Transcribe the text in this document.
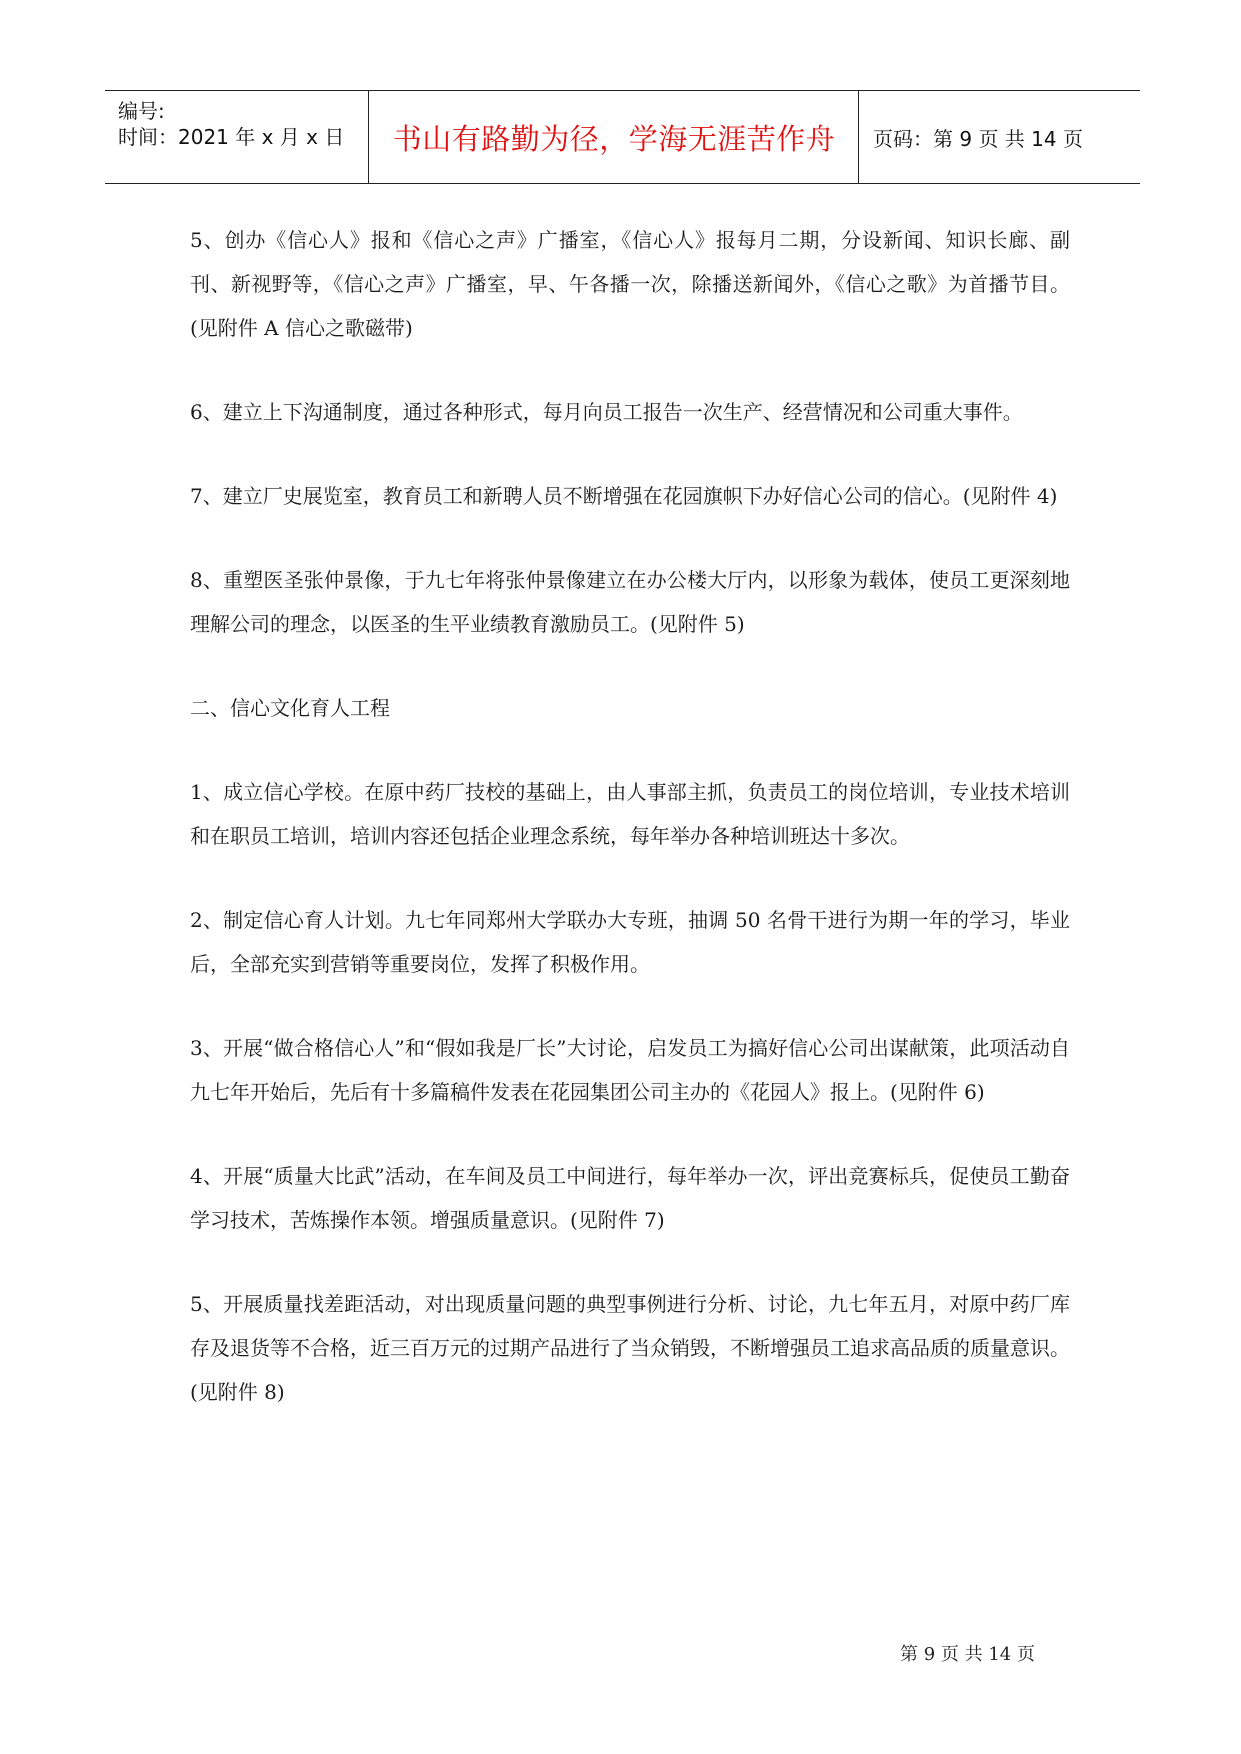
编号:
时间：2021 年 x 月 x 日	书山有路勤为径，学海无涯苦作舟	页码：第 9 页 共 14 页

5、创办《信心人》报和《信心之声》广播室，《信心人》报每月二期，分设新闻、知识长廊、副刊、新视野等，《信心之声》广播室，早、午各播一次，除播送新闻外，《信心之歌》为首播节目。(见附件 A 信心之歌磁带)

6、建立上下沟通制度，通过各种形式，每月向员工报告一次生产、经营情况和公司重大事件。

7、建立厂史展览室，教育员工和新聘人员不断增强在花园旗帜下办好信心公司的信心。(见附件 4)

8、重塑医圣张仲景像，于九七年将张仲景像建立在办公楼大厅内，以形象为载体，使员工更深刻地理解公司的理念，以医圣的生平业绩教育激励员工。(见附件 5)

二、信心文化育人工程

1、成立信心学校。在原中药厂技校的基础上，由人事部主抓，负责员工的岗位培训，专业技术培训和在职员工培训，培训内容还包括企业理念系统，每年举办各种培训班达十多次。

2、制定信心育人计划。九七年同郑州大学联办大专班，抽调 50 名骨干进行为期一年的学习，毕业后，全部充实到营销等重要岗位，发挥了积极作用。

3、开展“做合格信心人”和“假如我是厂长”大讨论，启发员工为搞好信心公司出谋献策，此项活动自九七年开始后，先后有十多篇稿件发表在花园集团公司主办的《花园人》报上。(见附件 6)

4、开展“质量大比武”活动，在车间及员工中间进行，每年举办一次，评出竞赛标兵，促使员工勤奋学习技术，苦炼操作本领。增强质量意识。(见附件 7)

5、开展质量找差距活动，对出现质量问题的典型事例进行分析、讨论，九七年五月，对原中药厂库存及退货等不合格，近三百万元的过期产品进行了当众销毁，不断增强员工追求高品质的质量意识。(见附件 8)

第 9 页 共 14 页
